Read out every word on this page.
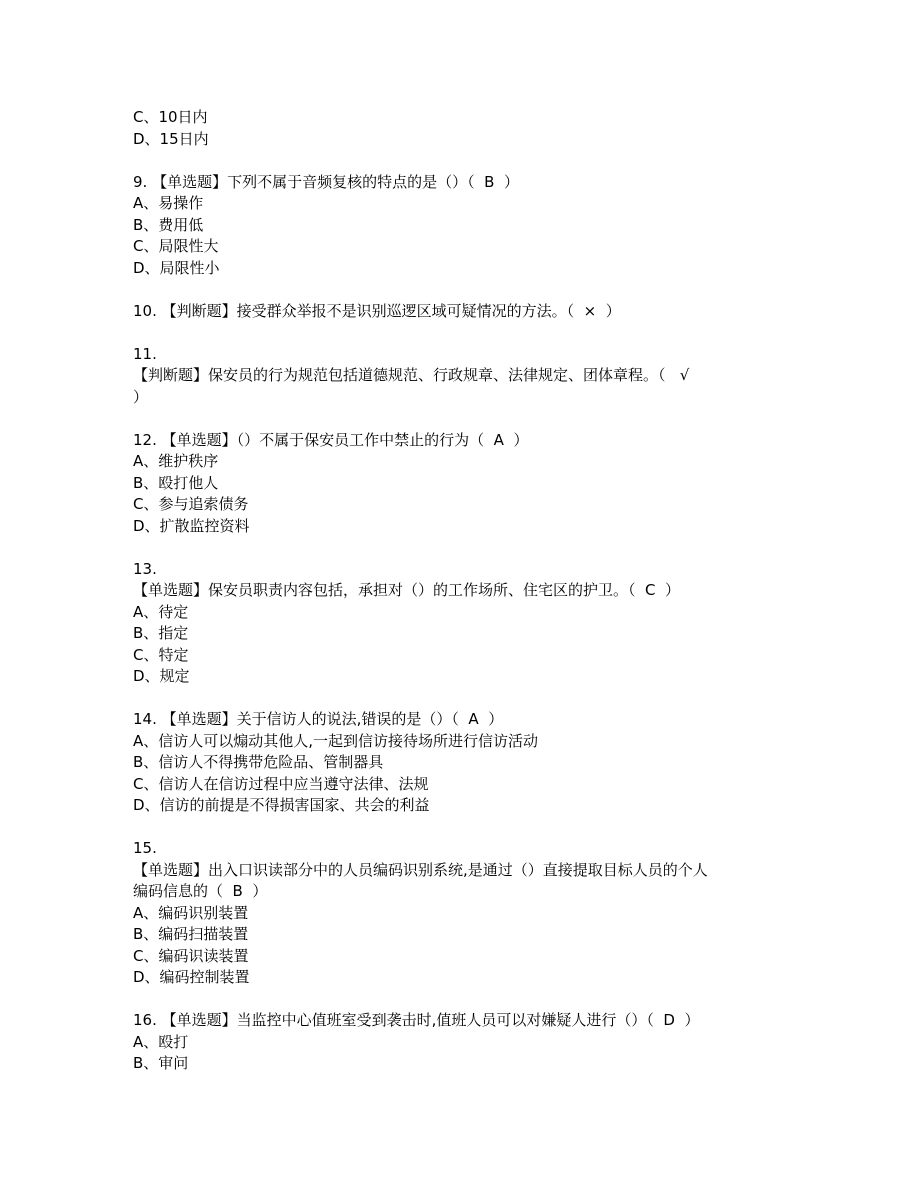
C、10日内
D、15日内
9. 【单选题】下列不属于音频复核的特点的是（）（  B  ）
A、易操作
B、费用低
C、局限性大
D、局限性小
10. 【判断题】接受群众举报不是识别巡逻区域可疑情况的方法。（  ×  ）
11.
【判断题】保安员的行为规范包括道德规范、行政规章、法律规定、团体章程。（   √
）
12. 【单选题】（）不属于保安员工作中禁止的行为（  A  ）
A、维护秩序
B、殴打他人
C、参与追索债务
D、扩散监控资料
13.
【单选题】保安员职责内容包括，承担对（）的工作场所、住宅区的护卫。（  C  ）
A、待定
B、指定
C、特定
D、规定
14. 【单选题】关于信访人的说法,错误的是（）（  A  ）
A、信访人可以煽动其他人,一起到信访接待场所进行信访活动
B、信访人不得携带危险品、管制器具
C、信访人在信访过程中应当遵守法律、法规
D、信访的前提是不得损害国家、共会的利益
15.
【单选题】出入口识读部分中的人员编码识别系统,是通过（）直接提取目标人员的个人
编码信息的（  B  ）
A、编码识别装置
B、编码扫描装置
C、编码识读装置
D、编码控制装置
16. 【单选题】当监控中心值班室受到袭击时,值班人员可以对嫌疑人进行（）（  D  ）
A、殴打
B、审问
